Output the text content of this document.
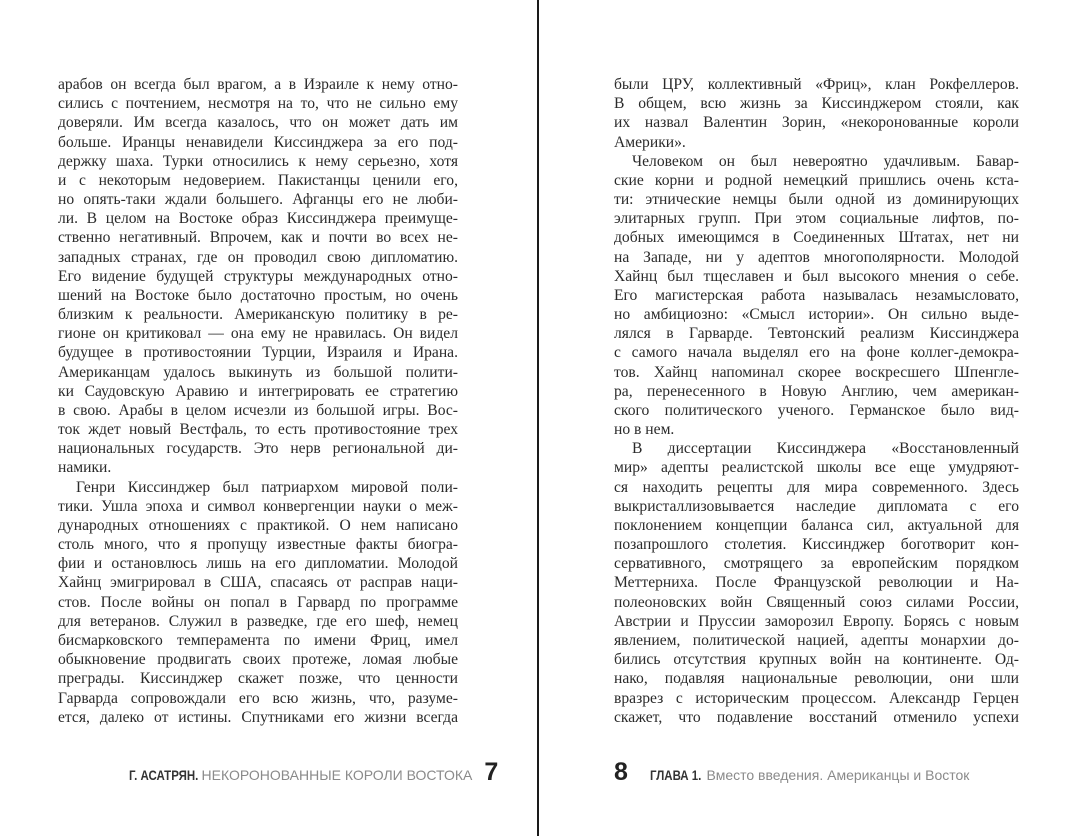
арабов он всегда был врагом, а в Израиле к нему отно-
сились с почтением, несмотря на то, что не сильно ему
доверяли. Им всегда казалось, что он может дать им
больше. Иранцы ненавидели Киссинджера за его под-
держку шаха. Турки относились к нему серьезно, хотя
и с некоторым недоверием. Пакистанцы ценили его,
но опять-таки ждали большего. Афганцы его не люби-
ли. В целом на Востоке образ Киссинджера преимуще-
ственно негативный. Впрочем, как и почти во всех не-
западных странах, где он проводил свою дипломатию.
Его видение будущей структуры международных отно-
шений на Востоке было достаточно простым, но очень
близким к реальности. Американскую политику в ре-
гионе он критиковал — она ему не нравилась. Он видел
будущее в противостоянии Турции, Израиля и Ирана.
Американцам удалось выкинуть из большой полити-
ки Саудовскую Аравию и интегрировать ее стратегию
в свою. Арабы в целом исчезли из большой игры. Вос-
ток ждет новый Вестфаль, то есть противостояние трех
национальных государств. Это нерв региональной ди-
намики.
Генри Киссинджер был патриархом мировой поли-
тики. Ушла эпоха и символ конвергенции науки о меж-
дународных отношениях с практикой. О нем написано
столь много, что я пропущу известные факты биогра-
фии и остановлюсь лишь на его дипломатии. Молодой
Хайнц эмигрировал в США, спасаясь от расправ наци-
стов. После войны он попал в Гарвард по программе
для ветеранов. Служил в разведке, где его шеф, немец
бисмарковского темперамента по имени Фриц, имел
обыкновение продвигать своих протеже, ломая любые
преграды. Киссинджер скажет позже, что ценности
Гарварда сопровождали его всю жизнь, что, разуме-
ется, далеко от истины. Спутниками его жизни всегда
были ЦРУ, коллективный «Фриц», клан Рокфеллеров.
В общем, всю жизнь за Киссинджером стояли, как
их назвал Валентин Зорин, «некоронованные короли
Америки».
Человеком он был невероятно удачливым. Бавар-
ские корни и родной немецкий пришлись очень кста-
ти: этнические немцы были одной из доминирующих
элитарных групп. При этом социальные лифтов, по-
добных имеющимся в Соединенных Штатах, нет ни
на Западе, ни у адептов многополярности. Молодой
Хайнц был тщеславен и был высокого мнения о себе.
Его магистерская работа называлась незамысловато,
но амбициозно: «Смысл истории». Он сильно выде-
лялся в Гарварде. Тевтонский реализм Киссинджера
с самого начала выделял его на фоне коллег-демокра-
тов. Хайнц напоминал скорее воскресшего Шпенгле-
ра, перенесенного в Новую Англию, чем американ-
ского политического ученого. Германское было вид-
но в нем.
В диссертации Киссинджера «Восстановленный
мир» адепты реалистской школы все еще умудряют-
ся находить рецепты для мира современного. Здесь
выкристаллизовывается наследие дипломата с его
поклонением концепции баланса сил, актуальной для
позапрошлого столетия. Киссинджер боготворит кон-
сервативного, смотрящего за европейским порядком
Меттерниха. После Французской революции и На-
полеоновских войн Священный союз силами России,
Австрии и Пруссии заморозил Европу. Борясь с новым
явлением, политической нацией, адепты монархии до-
бились отсутствия крупных войн на континенте. Од-
нако, подавляя национальные революции, они шли
вразрез с историческим процессом. Александр Герцен
скажет, что подавление восстаний отменило успехи
Г. АСАТРЯН. НЕКОРОНОВАННЫЕ КОРОЛИ ВОСТОКА 7	8 ГЛАВА 1. Вместо введения. Американцы и Восток
